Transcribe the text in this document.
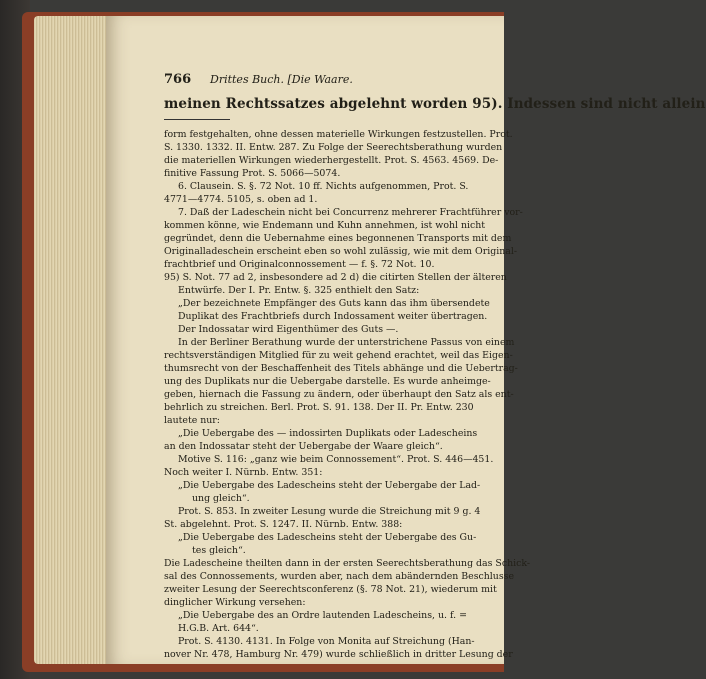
766	Drittes Buch. [Die Waare.
meinen Rechtssatzes abgelehnt worden 95). Indessen sind nicht allein
form festgehalten, ohne dessen materielle Wirkungen festzustellen. Prot.
S. 1330. 1332. II. Entw. 287. Zu Folge der Seerechtsberathung wurden
die materiellen Wirkungen wiederhergestellt. Prot. S. 4563. 4569. De-
finitive Fassung Prot. S. 5066—5074.
6. Clausein. S. §. 72 Not. 10 ff. Nichts aufgenommen, Prot. S.
4771—4774. 5105, s. oben ad 1.
7. Daß der Ladeschein nicht bei Concurrenz mehrerer Frachtführer vor-
kommen könne, wie Endemann und Kuhn annehmen, ist wohl nicht
gegründet, denn die Uebernahme eines begonnenen Transports mit dem
Originalladeschein erscheint eben so wohl zulässig, wie mit dem Original-
frachtbrief und Originalconnossement — f. §. 72 Not. 10.
95) S. Not. 77 ad 2, insbesondere ad 2 d) die citirten Stellen der älteren
Entwürfe. Der I. Pr. Entw. §. 325 enthielt den Satz:
„Der bezeichnete Empfänger des Guts kann das ihm übersendete
Duplikat des Frachtbriefs durch Indossament weiter übertragen.
Der Indossatar wird Eigenthümer des Guts —.
In der Berliner Berathung wurde der unterstrichene Passus von einem
rechtsverständigen Mitglied für zu weit gehend erachtet, weil das Eigen-
thumsrecht von der Beschaffenheit des Titels abhänge und die Uebertrag-
ung des Duplikats nur die Uebergabe darstelle. Es wurde anheimge-
geben, hiernach die Fassung zu ändern, oder überhaupt den Satz als ent-
behrlich zu streichen. Berl. Prot. S. 91. 138. Der II. Pr. Entw. 230
lautete nur:
„Die Uebergabe des — indossirten Duplikats oder Ladescheins
an den Indossatar steht der Uebergabe der Waare gleich“.
Motive S. 116: „ganz wie beim Connossement“. Prot. S. 446—451.
Noch weiter I. Nürnb. Entw. 351:
„Die Uebergabe des Ladescheins steht der Uebergabe der Lad-
ung gleich“.
Prot. S. 853. In zweiter Lesung wurde die Streichung mit 9 g. 4
St. abgelehnt. Prot. S. 1247. II. Nürnb. Entw. 388:
„Die Uebergabe des Ladescheins steht der Uebergabe des Gu-
tes gleich“.
Die Ladescheine theilten dann in der ersten Seerechtsberathung das Schick-
sal des Connossements, wurden aber, nach dem abändernden Beschlusse
zweiter Lesung der Seerechtsconferenz (§. 78 Not. 21), wiederum mit
dinglicher Wirkung versehen:
„Die Uebergabe des an Ordre lautenden Ladescheins, u. f. =
H.G.B. Art. 644“.
Prot. S. 4130. 4131. In Folge von Monita auf Streichung (Han-
nover Nr. 478, Hamburg Nr. 479) wurde schließlich in dritter Lesung der
